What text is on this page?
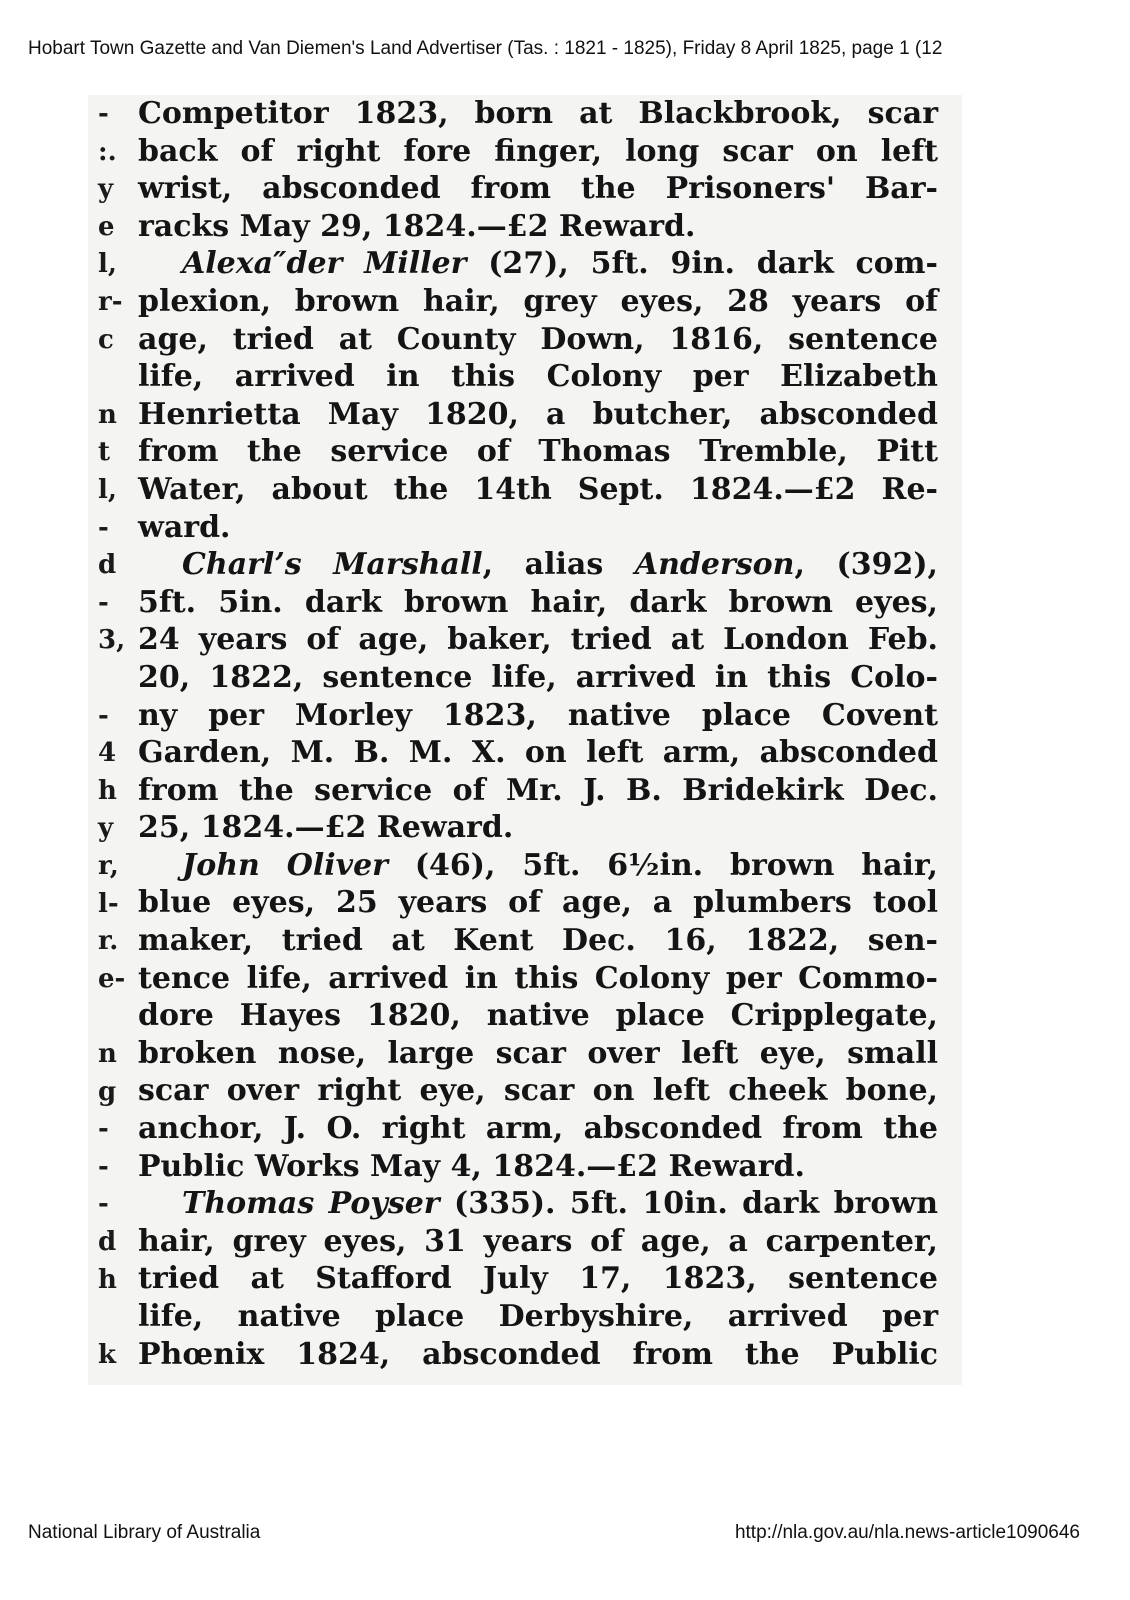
Hobart Town Gazette and Van Diemen's Land Advertiser (Tas. : 1821 - 1825), Friday 8 April 1825, page 1 (12
-
:.
y
e
l,
r-
c
n
t
l,
-
d
-
3,
-
4
h
y
r,
l-
r.
e-
n
g
-
-
-
d
h
k
Competitor 1823, born at Blackbrook, scar
back of right fore finger, long scar on left
wrist, absconded from the Prisoners' Bar-
racks May 29, 1824.—£2 Reward.
Alexa″der Miller (27), 5ft. 9in. dark com-
plexion, brown hair, grey eyes, 28 years of
age, tried at County Down, 1816, sentence
life, arrived in this Colony per Elizabeth
Henrietta May 1820, a butcher, absconded
from the service of Thomas Tremble, Pitt
Water, about the 14th Sept. 1824.—£2 Re-
ward.
Charl’s Marshall, alias Anderson, (392),
5ft. 5in. dark brown hair, dark brown eyes,
24 years of age, baker, tried at London Feb.
20, 1822, sentence life, arrived in this Colo-
ny per Morley 1823, native place Covent
Garden, M. B. M. X. on left arm, absconded
from the service of Mr. J. B. Bridekirk Dec.
25, 1824.—£2 Reward.
John Oliver (46), 5ft. 6½in. brown hair,
blue eyes, 25 years of age, a plumbers tool
maker, tried at Kent Dec. 16, 1822, sen-
tence life, arrived in this Colony per Commo-
dore Hayes 1820, native place Cripplegate,
broken nose, large scar over left eye, small
scar over right eye, scar on left cheek bone,
anchor, J. O. right arm, absconded from the
Public Works May 4, 1824.—£2 Reward.
Thomas Poyser (335). 5ft. 10in. dark brown
hair, grey eyes, 31 years of age, a carpenter,
tried at Stafford July 17, 1823, sentence
life, native place Derbyshire, arrived per
Phœnix 1824, absconded from the Public
National Library of Australia	http://nla.gov.au/nla.news-article1090646
